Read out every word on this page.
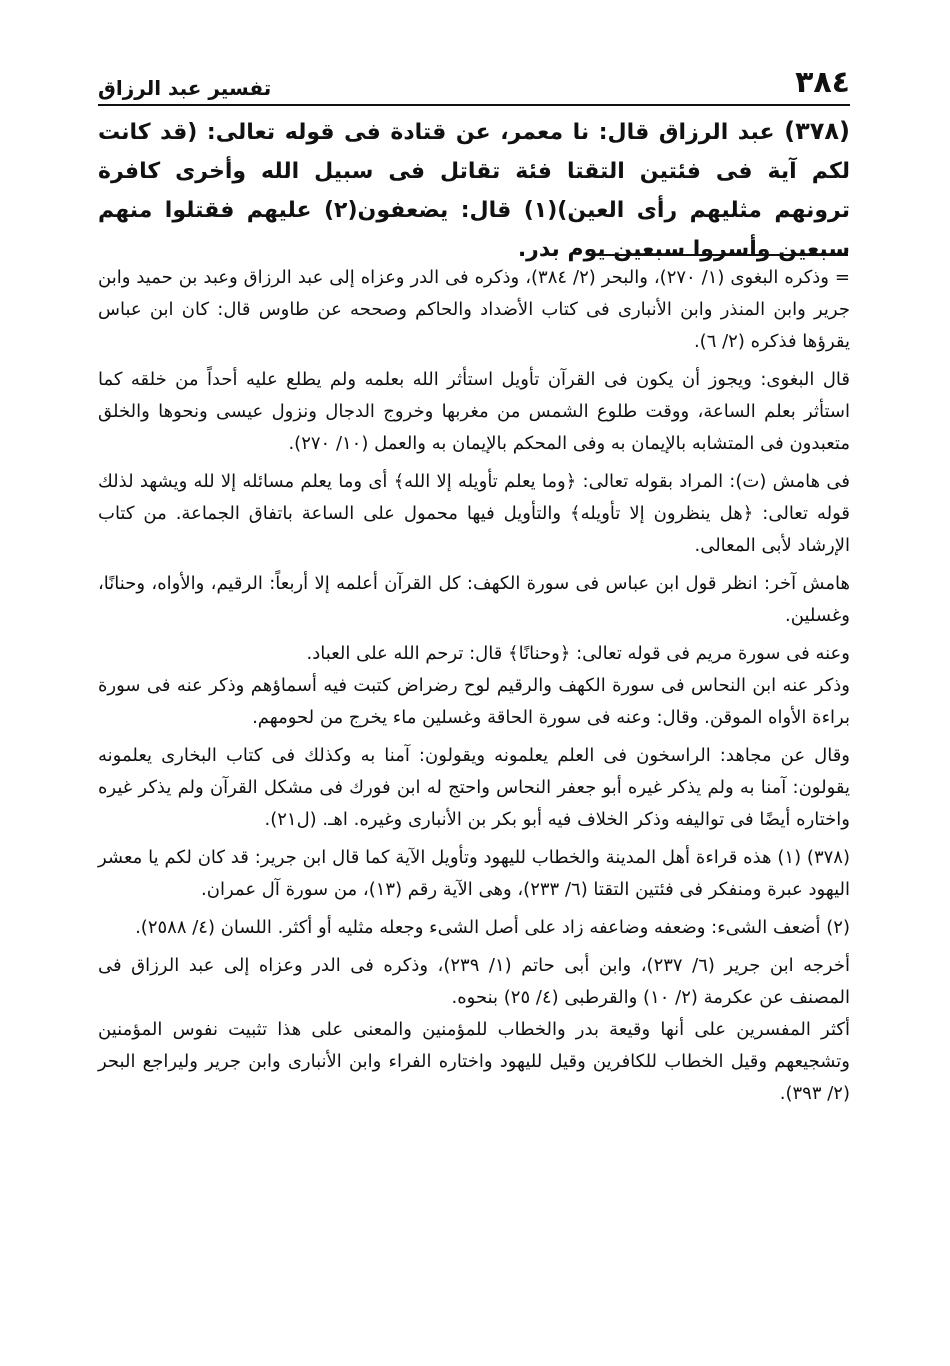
٣٨٤
تفسير عبد الرزاق

(٣٧٨) عبد الرزاق قال: نا معمر، عن قتادة فى قوله تعالى: (قد كانت لكم آية فى فئتين التقتا فئة تقاتل فى سبيل الله وأخرى كافرة ترونهم مثليهم رأى العين)(١) قال: يضعفون(٢) عليهم فقتلوا منهم سبعين وأسروا سبعين يوم بدر.

= وذكره البغوى (١/ ٢٧٠)، والبحر (٢/ ٣٨٤)، وذكره فى الدر وعزاه إلى عبد الرزاق وعبد بن حميد وابن جرير وابن المنذر وابن الأنبارى فى كتاب الأضداد والحاكم وصححه عن طاوس قال: كان ابن عباس يقرؤها فذكره (٢/ ٦).

قال البغوى: ويجوز أن يكون فى القرآن تأويل استأثر الله بعلمه ولم يطلع عليه أحداً من خلقه كما استأثر بعلم الساعة، ووقت طلوع الشمس من مغربها وخروج الدجال ونزول عيسى ونحوها والخلق متعبدون فى المتشابه بالإيمان به وفى المحكم بالإيمان به والعمل (١٠/ ٢٧٠).

فى هامش (ت): المراد بقوله تعالى: ﴿وما يعلم تأويله إلا الله﴾ أى وما يعلم مسائله إلا لله ويشهد لذلك قوله تعالى: ﴿هل ينظرون إلا تأويله﴾ والتأويل فيها محمول على الساعة باتفاق الجماعة. من كتاب الإرشاد لأبى المعالى.

هامش آخر: انظر قول ابن عباس فى سورة الكهف: كل القرآن أعلمه إلا أربعاً: الرقيم، والأواه، وحنانًا، وغسلين.

وعنه فى سورة مريم فى قوله تعالى: ﴿وحنانًا﴾ قال: ترحم الله على العباد.

وذكر عنه ابن النحاس فى سورة الكهف والرقيم لوح رضراض كتبت فيه أسماؤهم وذكر عنه فى سورة براءة الأواه الموقن. وقال: وعنه فى سورة الحاقة وغسلين ماء يخرج من لحومهم.

وقال عن مجاهد: الراسخون فى العلم يعلمونه ويقولون: آمنا به وكذلك فى كتاب البخارى يعلمونه يقولون: آمنا به ولم يذكر غيره أبو جعفر النحاس واحتج له ابن فورك فى مشكل القرآن ولم يذكر غيره واختاره أيضًا فى تواليفه وذكر الخلاف فيه أبو بكر بن الأنبارى وغيره. اهـ. (ل٢١).

(٣٧٨) (١) هذه قراءة أهل المدينة والخطاب لليهود وتأويل الآية كما قال ابن جرير: قد كان لكم يا معشر اليهود عبرة ومنفكر فى فئتين التقتا (٦/ ٢٣٣)، وهى الآية رقم (١٣)، من سورة آل عمران.

(٢) أضعف الشىء: وضعفه وضاعفه زاد على أصل الشىء وجعله مثليه أو أكثر. اللسان (٤/ ٢٥٨٨).

أخرجه ابن جرير (٦/ ٢٣٧)، وابن أبى حاتم (١/ ٢٣٩)، وذكره فى الدر وعزاه إلى عبد الرزاق فى المصنف عن عكرمة (٢/ ١٠) والقرطبى (٤/ ٢٥) بنحوه.

أكثر المفسرين على أنها وقيعة بدر والخطاب للمؤمنين والمعنى على هذا تثبيت نفوس المؤمنين وتشجيعهم وقيل الخطاب للكافرين وقيل لليهود واختاره الفراء وابن الأنبارى وابن جرير وليراجع البحر (٢/ ٣٩٣).
